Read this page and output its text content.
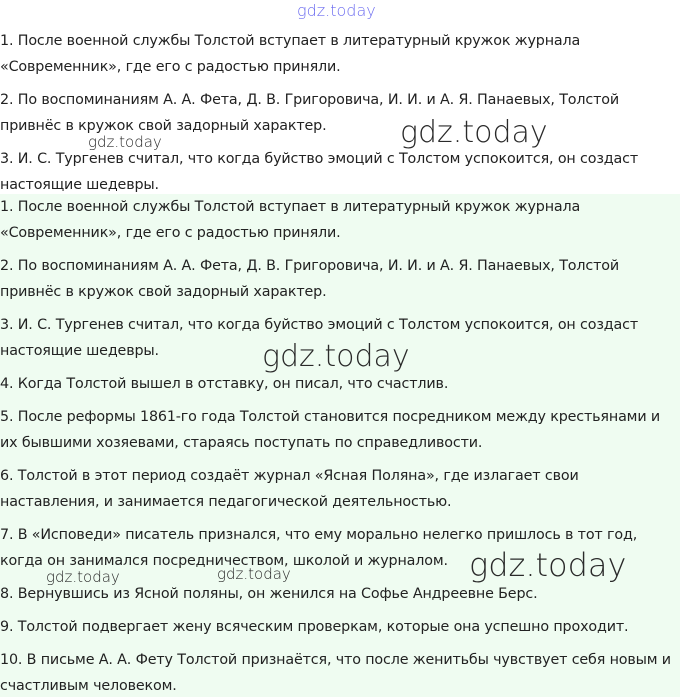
1. После военной службы Толстой вступает в литературный кружок журнала «Современник», где его с радостью приняли.
2. По воспоминаниям А. А. Фета, Д. В. Григоровича, И. И. и А. Я. Панаевых, Толстой привнёс в кружок свой задорный характер.
3. И. С. Тургенев считал, что когда буйство эмоций с Толстом успокоится, он создаст настоящие шедевры.
1. После военной службы Толстой вступает в литературный кружок журнала «Современник», где его с радостью приняли.
2. По воспоминаниям А. А. Фета, Д. В. Григоровича, И. И. и А. Я. Панаевых, Толстой привнёс в кружок свой задорный характер.
3. И. С. Тургенев считал, что когда буйство эмоций с Толстом успокоится, он создаст настоящие шедевры.
4. Когда Толстой вышел в отставку, он писал, что счастлив.
5. После реформы 1861-го года Толстой становится посредником между крестьянами и их бывшими хозяевами, стараясь поступать по справедливости.
6. Толстой в этот период создаёт журнал «Ясная Поляна», где излагает свои наставления, и занимается педагогической деятельностью.
7. В «Исповеди» писатель признался, что ему морально нелегко пришлось в тот год, когда он занимался посредничеством, школой и журналом.
8. Вернувшись из Ясной поляны, он женился на Софье Андреевне Берс.
9. Толстой подвергает жену всяческим проверкам, которые она успешно проходит.
10. В письме А. А. Фету Толстой признаётся, что после женитьбы чувствует себя новым и счастливым человеком.
gdz.today
gdz.today
gdz.today
gdz.today
gdz.today
gdz.today	gdz.today
